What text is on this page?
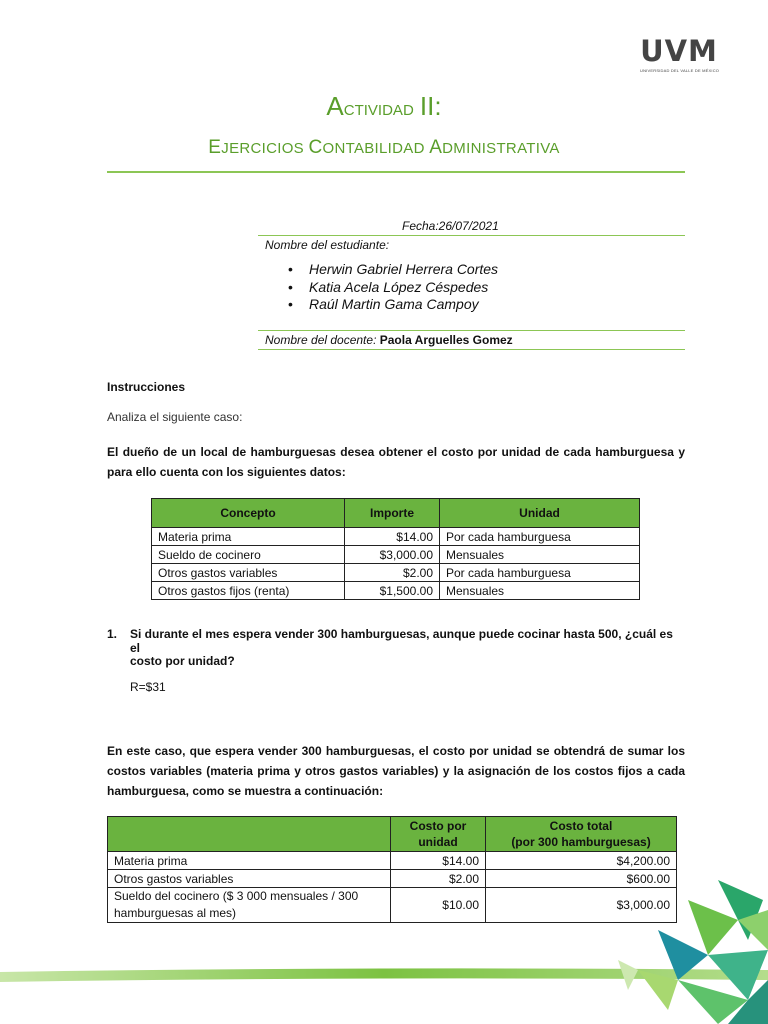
UVM
UNIVERSIDAD DEL VALLE DE MÉXICO
Actividad II:
EJERCICIOS CONTABILIDAD ADMINISTRATIVA
Fecha:26/07/2021
Nombre del estudiante:
• Herwin Gabriel Herrera Cortes
• Katia Acela López Céspedes
• Raúl Martin Gama Campoy
Nombre del docente: Paola Arguelles Gomez
Instrucciones
Analiza el siguiente caso:
El dueño de un local de hamburguesas desea obtener el costo por unidad de cada hamburguesa y para ello cuenta con los siguientes datos:
Concepto	Importe	Unidad
Materia prima	$14.00	Por cada hamburguesa
Sueldo de cocinero	$3,000.00	Mensuales
Otros gastos variables	$2.00	Por cada hamburguesa
Otros gastos fijos (renta)	$1,500.00	Mensuales
1. Si durante el mes espera vender 300 hamburguesas, aunque puede cocinar hasta 500, ¿cuál es el
costo por unidad?
R=$31
En este caso, que espera vender 300 hamburguesas, el costo por unidad se obtendrá de sumar los costos variables (materia prima y otros gastos variables) y la asignación de los costos fijos a cada hamburguesa, como se muestra a continuación:
	Costo por unidad	Costo total
(por 300 hamburguesas)

Materia prima	$14.00	$4,200.00
Otros gastos variables	$2.00	$600.00
Sueldo del cocinero ($ 3 000 mensuales / 300 hamburguesas al mes)	$10.00	$3,000.00
